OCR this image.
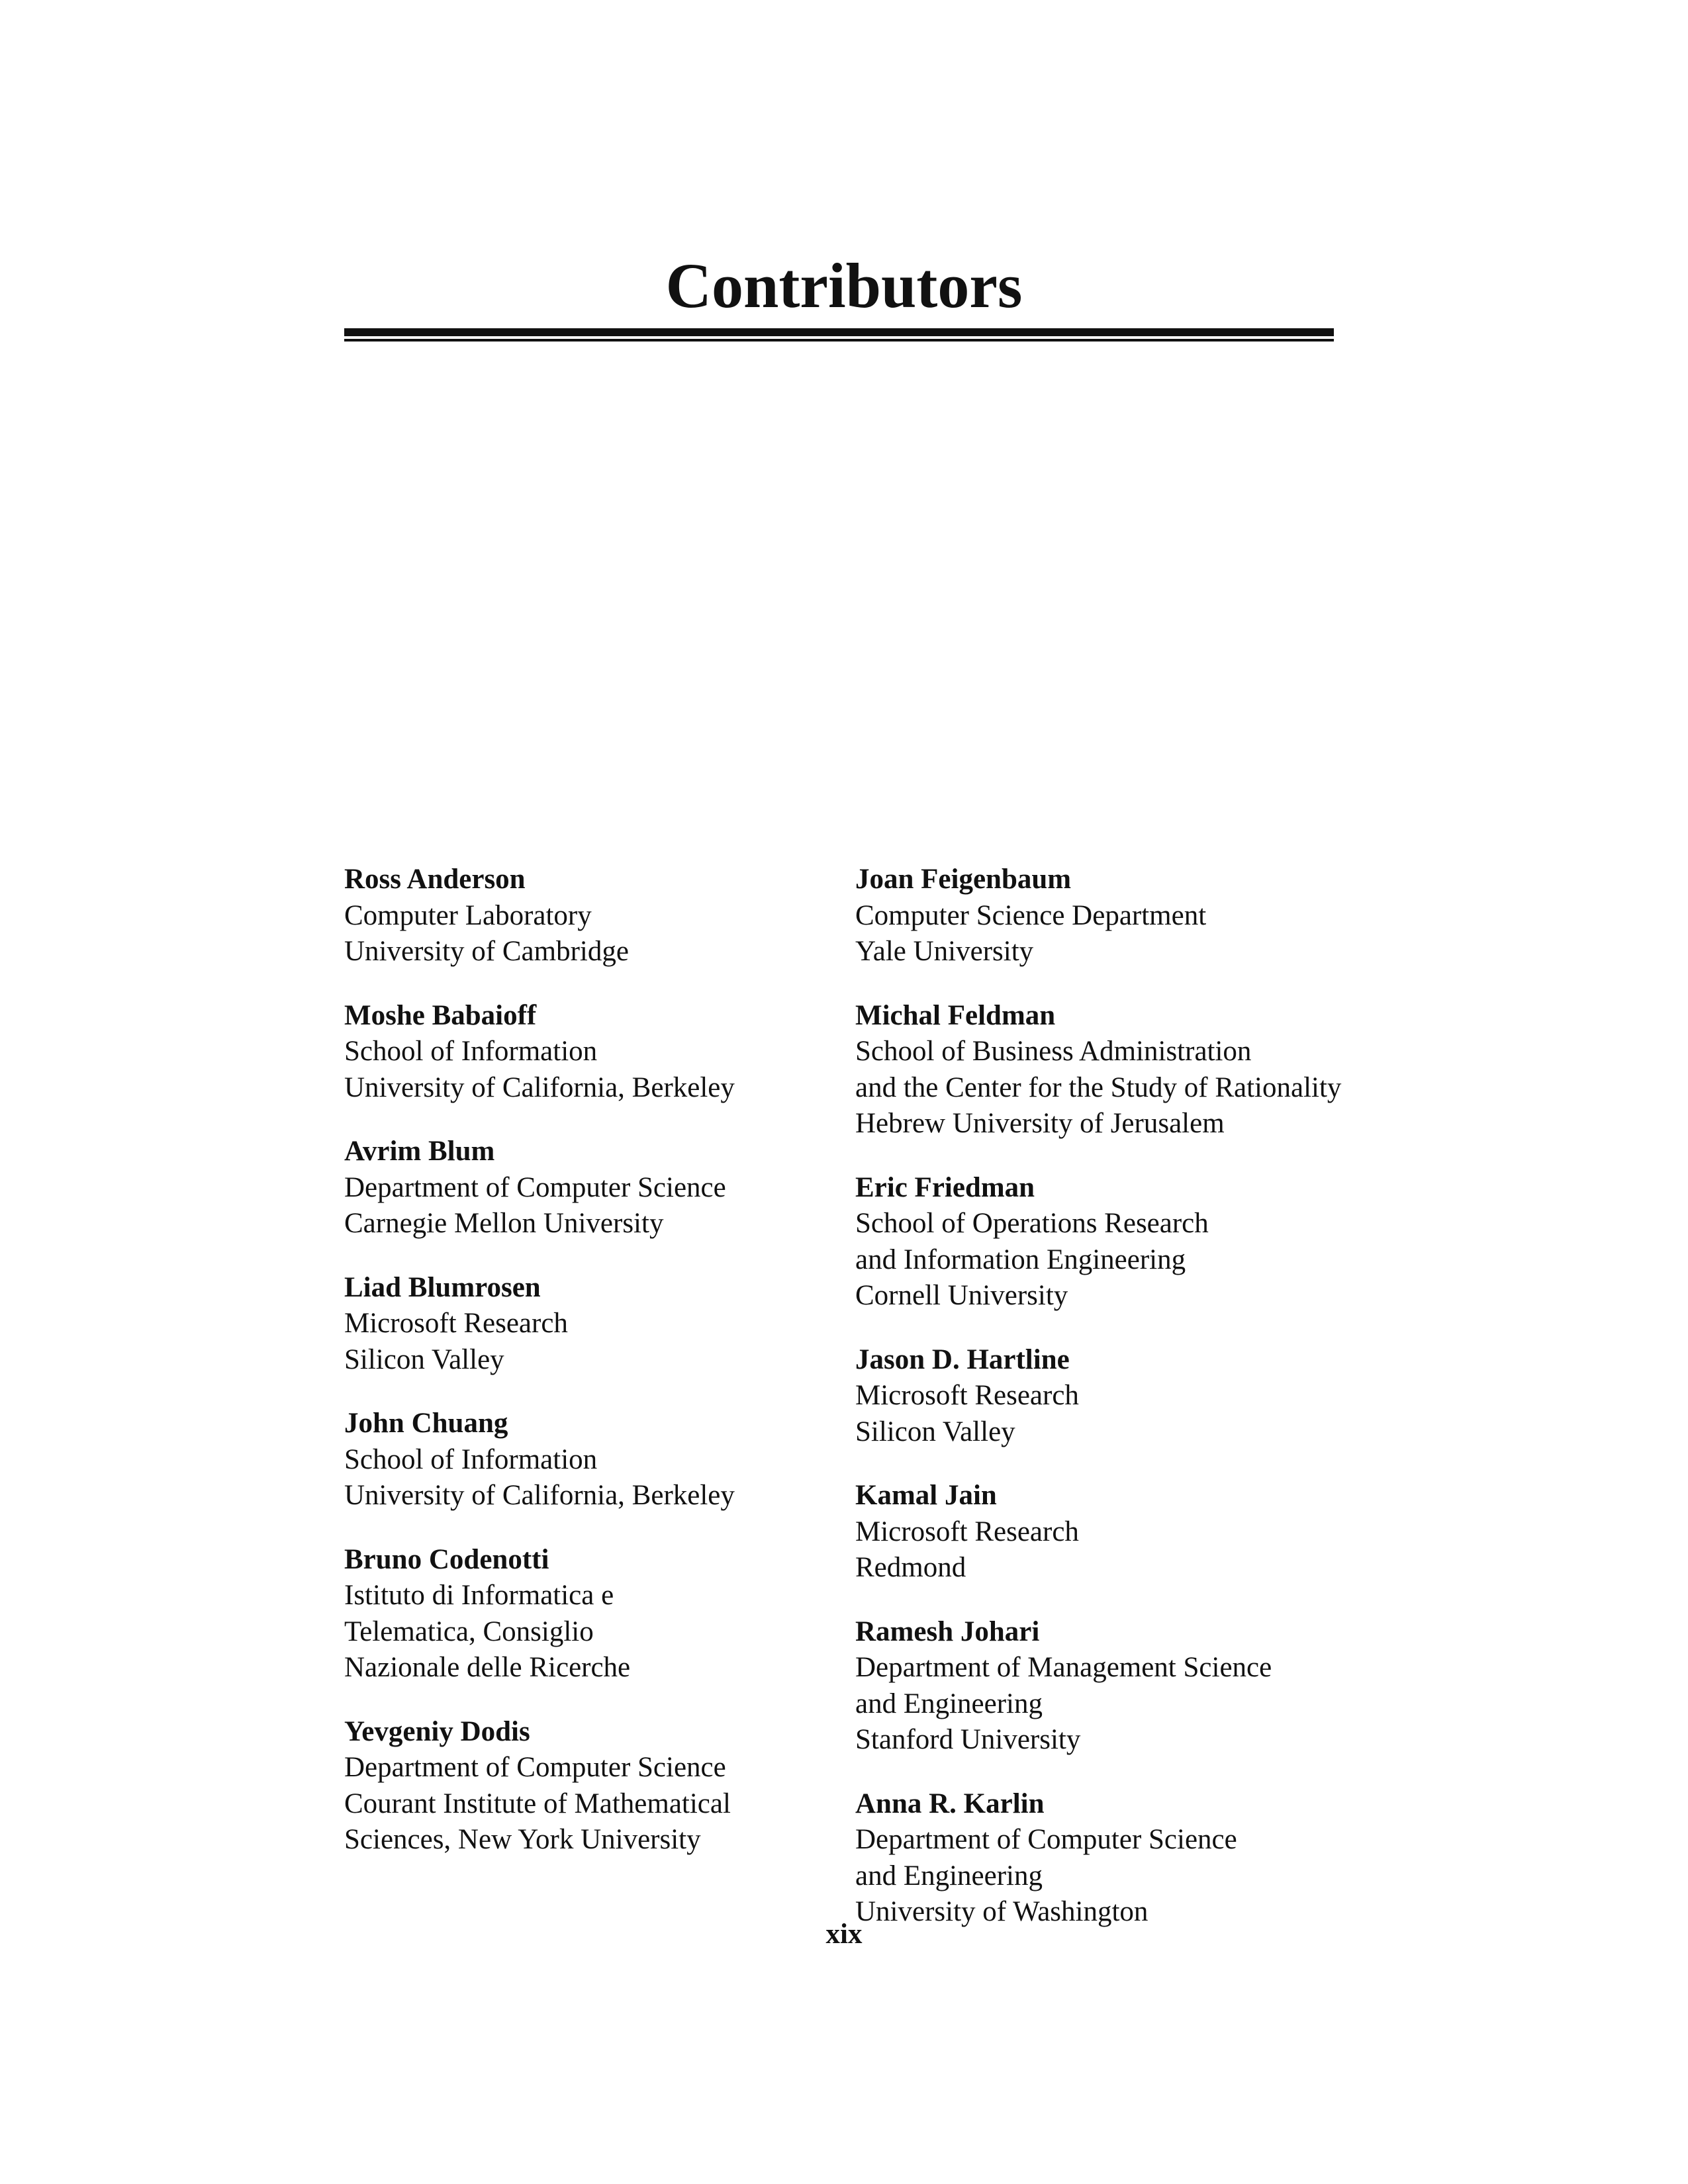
Contributors
Ross Anderson
Computer Laboratory
University of Cambridge
Moshe Babaioff
School of Information
University of California, Berkeley
Avrim Blum
Department of Computer Science
Carnegie Mellon University
Liad Blumrosen
Microsoft Research
Silicon Valley
John Chuang
School of Information
University of California, Berkeley
Bruno Codenotti
Istituto di Informatica e
Telematica, Consiglio
Nazionale delle Ricerche
Yevgeniy Dodis
Department of Computer Science
Courant Institute of Mathematical
Sciences, New York University
Joan Feigenbaum
Computer Science Department
Yale University
Michal Feldman
School of Business Administration
and the Center for the Study of Rationality
Hebrew University of Jerusalem
Eric Friedman
School of Operations Research
and Information Engineering
Cornell University
Jason D. Hartline
Microsoft Research
Silicon Valley
Kamal Jain
Microsoft Research
Redmond
Ramesh Johari
Department of Management Science
and Engineering
Stanford University
Anna R. Karlin
Department of Computer Science
and Engineering
University of Washington
xix
